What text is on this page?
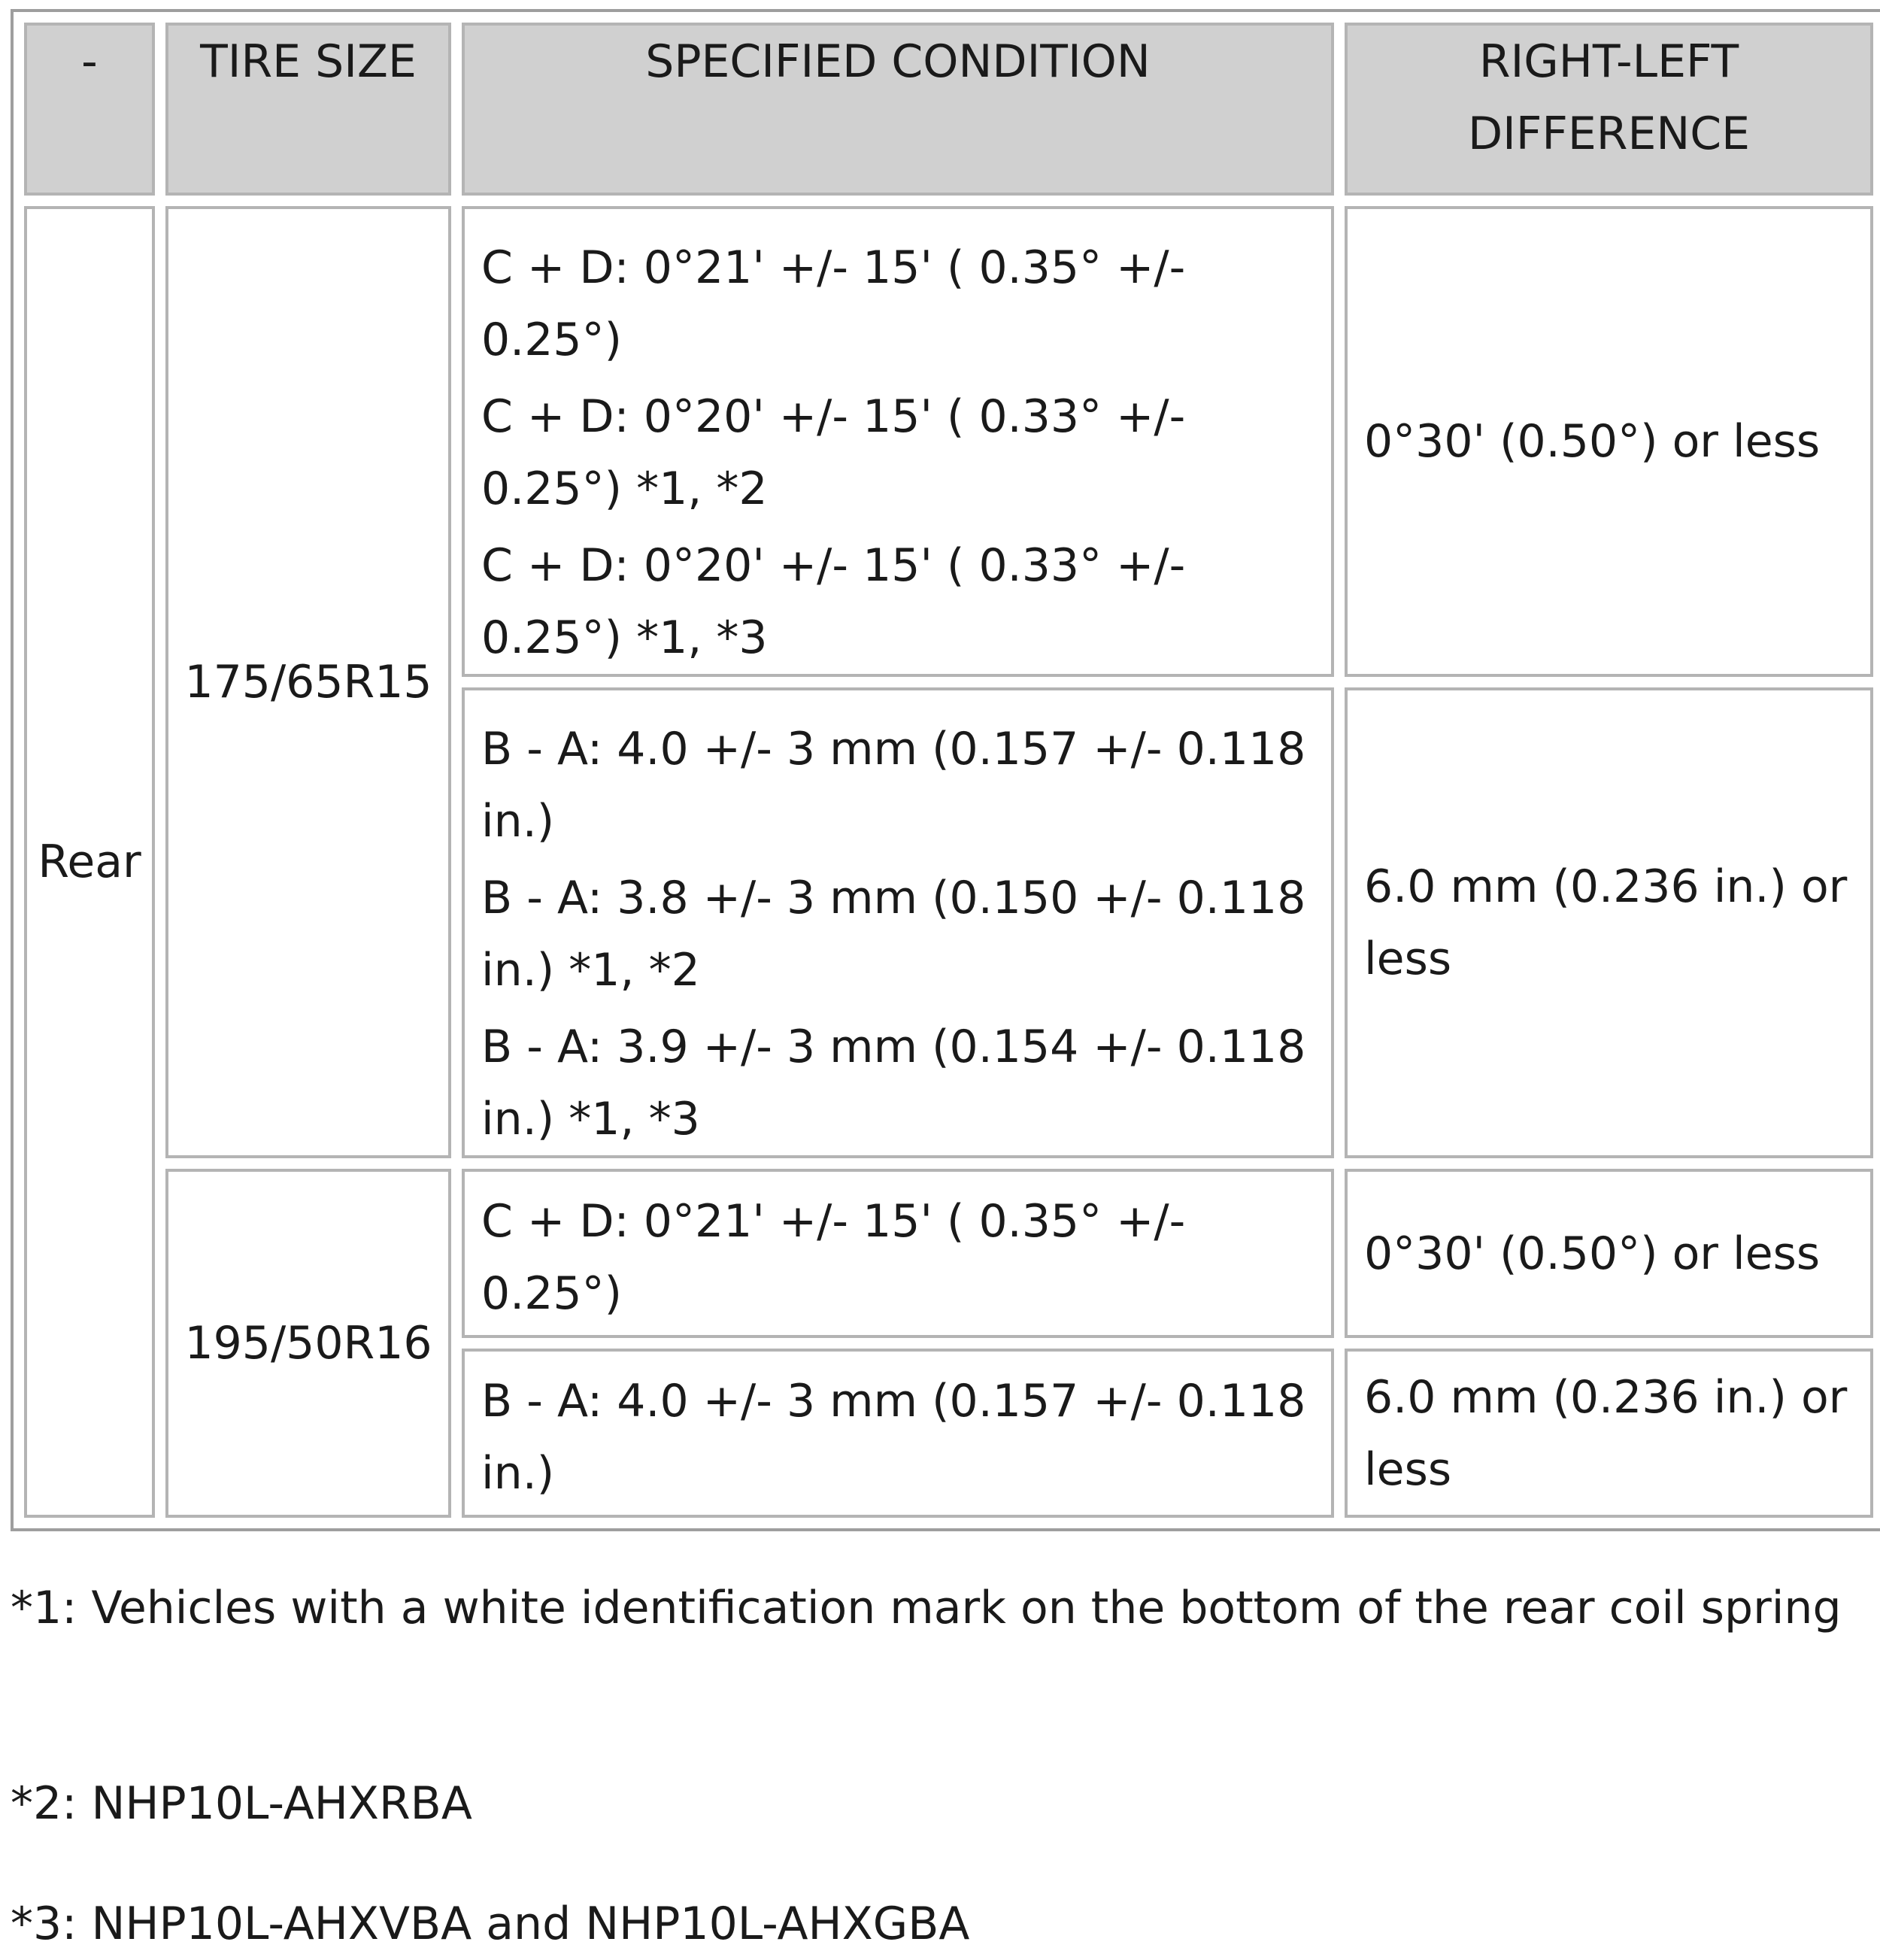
-	TIRE SIZE	SPECIFIED CONDITION	RIGHT-LEFT DIFFERENCE
Rear	175/65R15	C + D: 0°21' +/- 15' ( 0.35° +/- 0.25°)
C + D: 0°20' +/- 15' ( 0.33° +/- 0.25°) *1, *2
C + D: 0°20' +/- 15' ( 0.33° +/- 0.25°) *1, *3	0°30' (0.50°) or less

		B - A: 4.0 +/- 3 mm (0.157 +/- 0.118 in.)
B - A: 3.8 +/- 3 mm (0.150 +/- 0.118 in.) *1, *2
B - A: 3.9 +/- 3 mm (0.154 +/- 0.118 in.) *1, *3	6.0 mm (0.236 in.) or less
	195/50R16	C + D: 0°21' +/- 15' ( 0.35° +/- 0.25°)	0°30' (0.50°) or less

		B - A: 4.0 +/- 3 mm (0.157 +/- 0.118 in.)	6.0 mm (0.236 in.) or less

*1: Vehicles with a white identification mark on the bottom of the rear coil spring

*2: NHP10L-AHXRBA

*3: NHP10L-AHXVBA and NHP10L-AHXGBA
